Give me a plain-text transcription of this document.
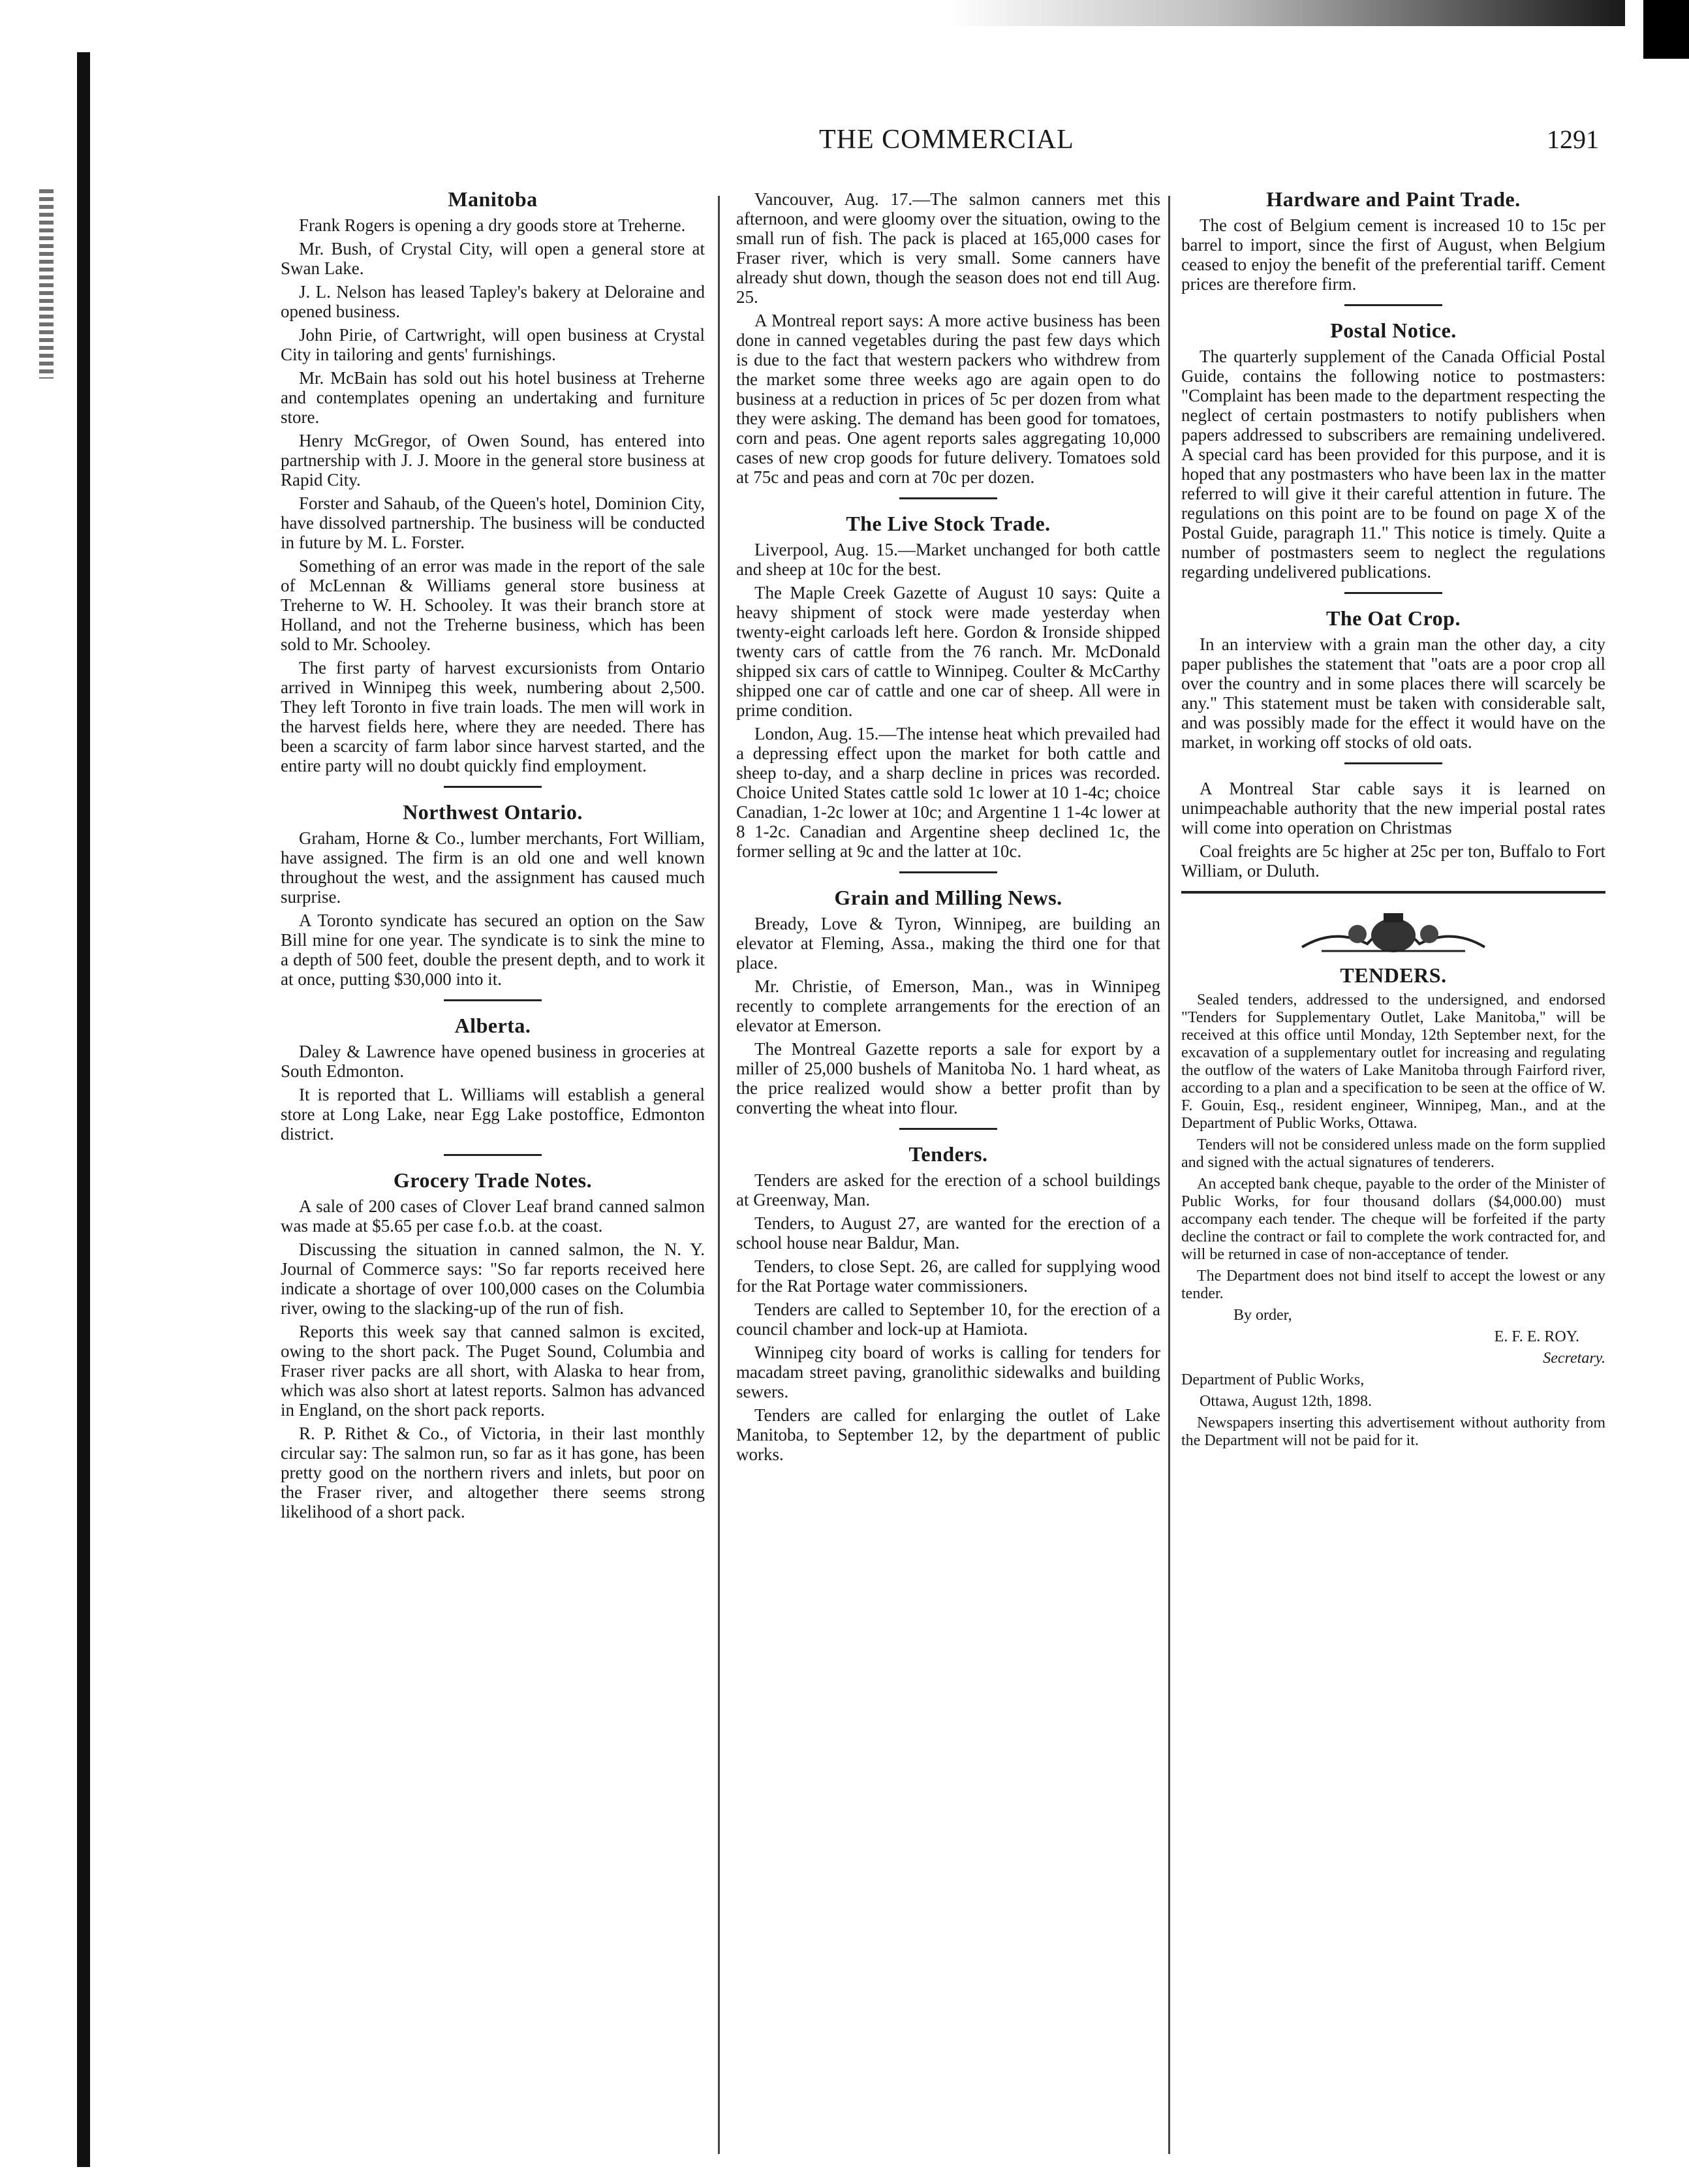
THE COMMERCIAL	1291
Manitoba

Frank Rogers is opening a dry goods store at Treherne.

Mr. Bush, of Crystal City, will open a general store at Swan Lake.

J. L. Nelson has leased Tapley's bakery at Deloraine and opened business.

John Pirie, of Cartwright, will open business at Crystal City in tailoring and gents' furnishings.

Mr. McBain has sold out his hotel business at Treherne and contemplates opening an undertaking and furniture store.

Henry McGregor, of Owen Sound, has entered into partnership with J. J. Moore in the general store business at Rapid City.

Forster and Sahaub, of the Queen's hotel, Dominion City, have dissolved partnership. The business will be conducted in future by M. L. Forster.

Something of an error was made in the report of the sale of McLennan & Williams general store business at Treherne to W. H. Schooley. It was their branch store at Holland, and not the Treherne business, which has been sold to Mr. Schooley.

The first party of harvest excursionists from Ontario arrived in Winnipeg this week, numbering about 2,500. They left Toronto in five train loads. The men will work in the harvest fields here, where they are needed. There has been a scarcity of farm labor since harvest started, and the entire party will no doubt quickly find employment.

Northwest Ontario.

Graham, Horne & Co., lumber merchants, Fort William, have assigned. The firm is an old one and well known throughout the west, and the assignment has caused much surprise.

A Toronto syndicate has secured an option on the Saw Bill mine for one year. The syndicate is to sink the mine to a depth of 500 feet, double the present depth, and to work it at once, putting $30,000 into it.

Alberta.

Daley & Lawrence have opened business in groceries at South Edmonton.

It is reported that L. Williams will establish a general store at Long Lake, near Egg Lake postoffice, Edmonton district.

Grocery Trade Notes.

A sale of 200 cases of Clover Leaf brand canned salmon was made at $5.65 per case f.o.b. at the coast.

Discussing the situation in canned salmon, the N. Y. Journal of Commerce says: "So far reports received here indicate a shortage of over 100,000 cases on the Columbia river, owing to the slacking-up of the run of fish.

Reports this week say that canned salmon is excited, owing to the short pack. The Puget Sound, Columbia and Fraser river packs are all short, with Alaska to hear from, which was also short at latest reports. Salmon has advanced in England, on the short pack reports.

R. P. Rithet & Co., of Victoria, in their last monthly circular say: The salmon run, so far as it has gone, has been pretty good on the northern rivers and inlets, but poor on the Fraser river, and altogether there seems strong likelihood of a short pack.

Vancouver, Aug. 17.—The salmon canners met this afternoon, and were gloomy over the situation, owing to the small run of fish. The pack is placed at 165,000 cases for Fraser river, which is very small. Some canners have already shut down, though the season does not end till Aug. 25.

A Montreal report says: A more active business has been done in canned vegetables during the past few days which is due to the fact that western packers who withdrew from the market some three weeks ago are again open to do business at a reduction in prices of 5c per dozen from what they were asking. The demand has been good for tomatoes, corn and peas. One agent reports sales aggregating 10,000 cases of new crop goods for future delivery. Tomatoes sold at 75c and peas and corn at 70c per dozen.

The Live Stock Trade.

Liverpool, Aug. 15.—Market unchanged for both cattle and sheep at 10c for the best.

The Maple Creek Gazette of August 10 says: Quite a heavy shipment of stock were made yesterday when twenty-eight carloads left here. Gordon & Ironside shipped twenty cars of cattle from the 76 ranch. Mr. McDonald shipped six cars of cattle to Winnipeg. Coulter & McCarthy shipped one car of cattle and one car of sheep. All were in prime condition.

London, Aug. 15.—The intense heat which prevailed had a depressing effect upon the market for both cattle and sheep to-day, and a sharp decline in prices was recorded. Choice United States cattle sold 1c lower at 10 1-4c; choice Canadian, 1-2c lower at 10c; and Argentine 1 1-4c lower at 8 1-2c. Canadian and Argentine sheep declined 1c, the former selling at 9c and the latter at 10c.

Grain and Milling News.

Bready, Love & Tyron, Winnipeg, are building an elevator at Fleming, Assa., making the third one for that place.

Mr. Christie, of Emerson, Man., was in Winnipeg recently to complete arrangements for the erection of an elevator at Emerson.

The Montreal Gazette reports a sale for export by a miller of 25,000 bushels of Manitoba No. 1 hard wheat, as the price realized would show a better profit than by converting the wheat into flour.

Tenders.

Tenders are asked for the erection of a school buildings at Greenway, Man.

Tenders, to August 27, are wanted for the erection of a school house near Baldur, Man.

Tenders, to close Sept. 26, are called for supplying wood for the Rat Portage water commissioners.

Tenders are called to September 10, for the erection of a council chamber and lock-up at Hamiota.

Winnipeg city board of works is calling for tenders for macadam street paving, granolithic sidewalks and building sewers.

Tenders are called for enlarging the outlet of Lake Manitoba, to September 12, by the department of public works.

Hardware and Paint Trade.

The cost of Belgium cement is increased 10 to 15c per barrel to import, since the first of August, when Belgium ceased to enjoy the benefit of the preferential tariff. Cement prices are therefore firm.

Postal Notice.

The quarterly supplement of the Canada Official Postal Guide, contains the following notice to postmasters: "Complaint has been made to the department respecting the neglect of certain postmasters to notify publishers when papers addressed to subscribers are remaining undelivered. A special card has been provided for this purpose, and it is hoped that any postmasters who have been lax in the matter referred to will give it their careful attention in future. The regulations on this point are to be found on page X of the Postal Guide, paragraph 11." This notice is timely. Quite a number of postmasters seem to neglect the regulations regarding undelivered publications.

The Oat Crop.

In an interview with a grain man the other day, a city paper publishes the statement that "oats are a poor crop all over the country and in some places there will scarcely be any." This statement must be taken with considerable salt, and was possibly made for the effect it would have on the market, in working off stocks of old oats.

A Montreal Star cable says it is learned on unimpeachable authority that the new imperial postal rates will come into operation on Christmas

Coal freights are 5c higher at 25c per ton, Buffalo to Fort William, or Duluth.

TENDERS.

Sealed tenders, addressed to the undersigned, and endorsed "Tenders for Supplementary Outlet, Lake Manitoba," will be received at this office until Monday, 12th September next, for the excavation of a supplementary outlet for increasing and regulating the outflow of the waters of Lake Manitoba through Fairford river, according to a plan and a specification to be seen at the office of W. F. Gouin, Esq., resident engineer, Winnipeg, Man., and at the Department of Public Works, Ottawa.

Tenders will not be considered unless made on the form supplied and signed with the actual signatures of tenderers.

An accepted bank cheque, payable to the order of the Minister of Public Works, for four thousand dollars ($4,000.00) must accompany each tender. The cheque will be forfeited if the party decline the contract or fail to complete the work contracted for, and will be returned in case of non-acceptance of tender.

The Department does not bind itself to accept the lowest or any tender.

By order,

E. F. E. ROY.

Secretary.

Department of Public Works,

Ottawa, August 12th, 1898.

Newspapers inserting this advertisement without authority from the Department will not be paid for it.
